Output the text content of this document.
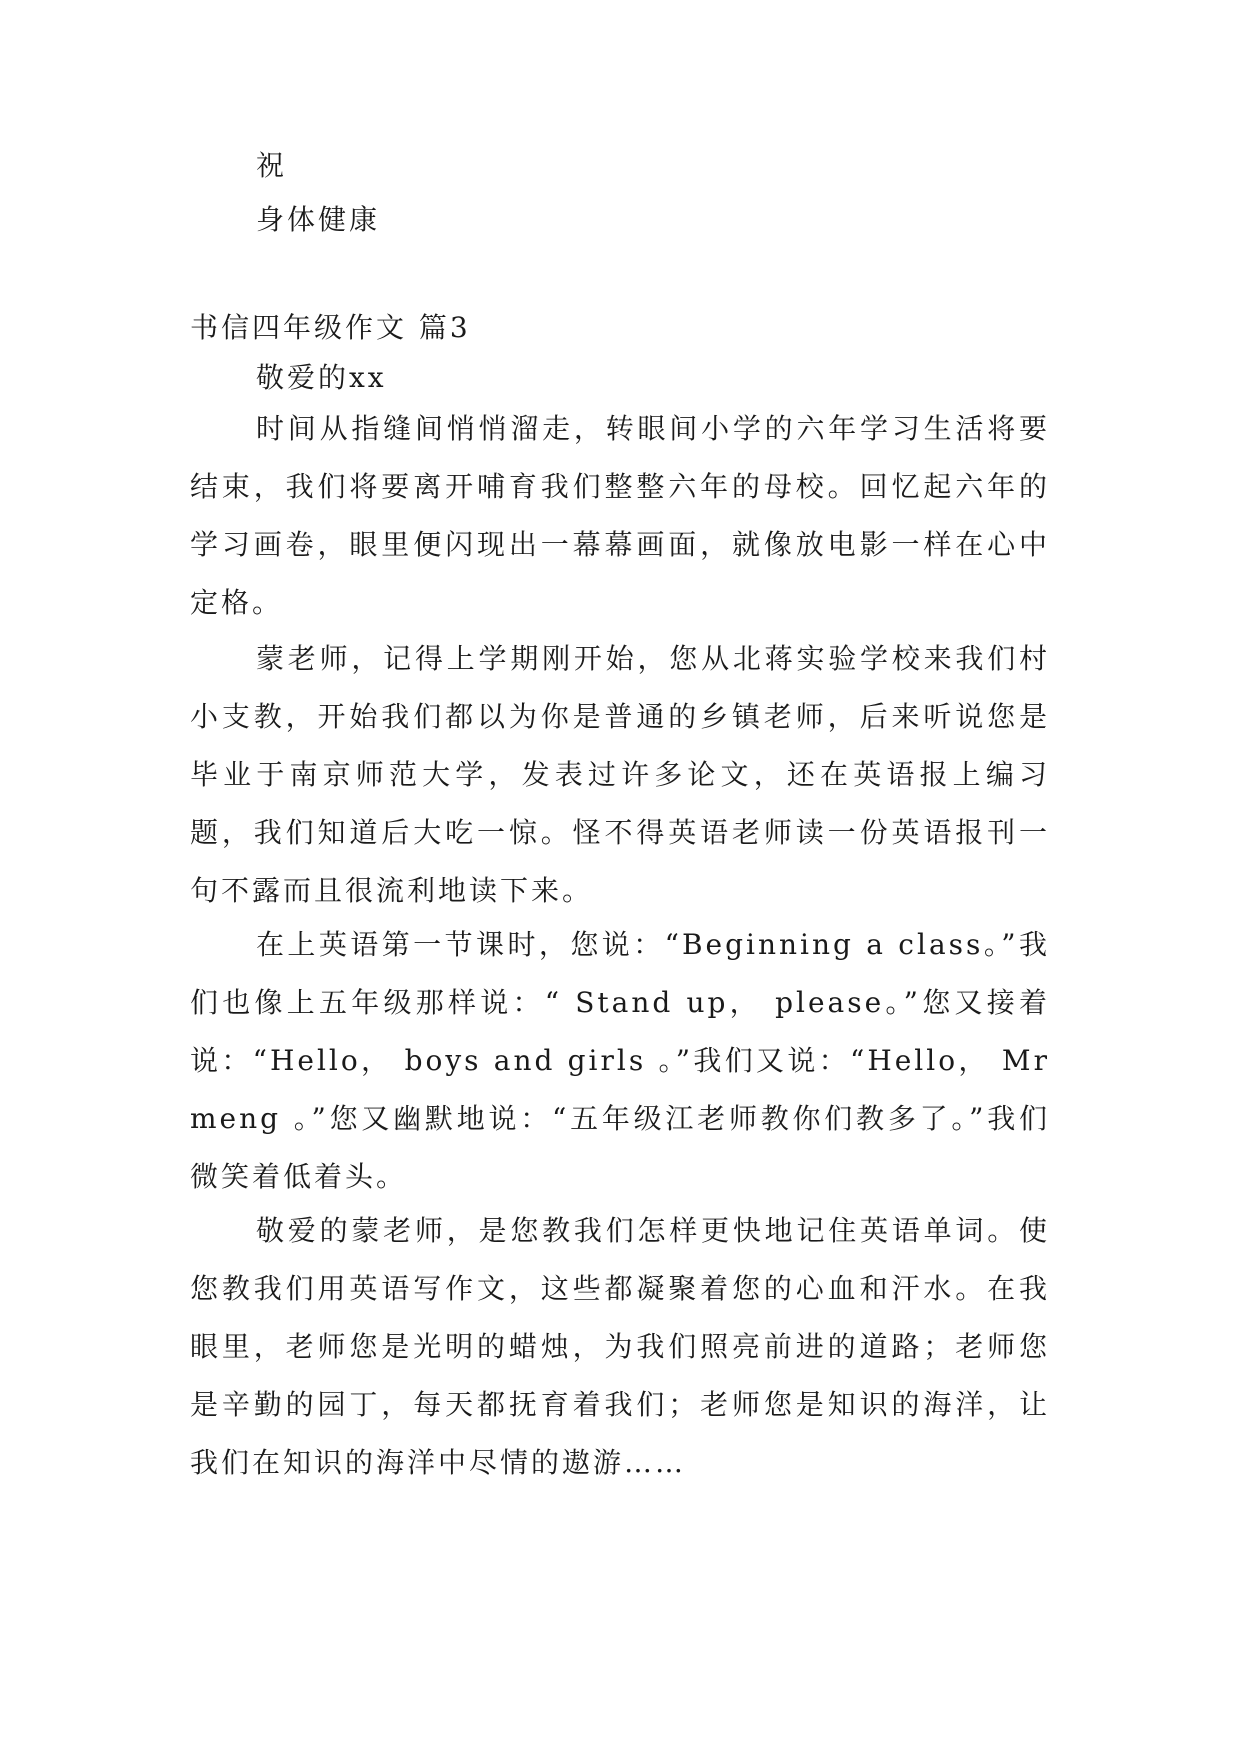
祝
身体健康
书信四年级作文 篇3
敬爱的xx

时间从指缝间悄悄溜走，转眼间小学的六年学习生活将要结束，我们将要离开哺育我们整整六年的母校。回忆起六年的学习画卷，眼里便闪现出一幕幕画面，就像放电影一样在心中定格。

蒙老师，记得上学期刚开始，您从北蒋实验学校来我们村小支教，开始我们都以为你是普通的乡镇老师，后来听说您是毕业于南京师范大学，发表过许多论文，还在英语报上编习题，我们知道后大吃一惊。怪不得英语老师读一份英语报刊一句不露而且很流利地读下来。

在上英语第一节课时，您说：“Beginning a class。”我们也像上五年级那样说：“ Stand up， please。”您又接着说：“Hello， boys and girls 。”我们又说：“Hello， Mr meng 。”您又幽默地说：“五年级江老师教你们教多了。”我们微笑着低着头。

敬爱的蒙老师，是您教我们怎样更快地记住英语单词。使您教我们用英语写作文，这些都凝聚着您的心血和汗水。在我眼里，老师您是光明的蜡烛，为我们照亮前进的道路；老师您是辛勤的园丁，每天都抚育着我们；老师您是知识的海洋，让我们在知识的海洋中尽情的遨游……
